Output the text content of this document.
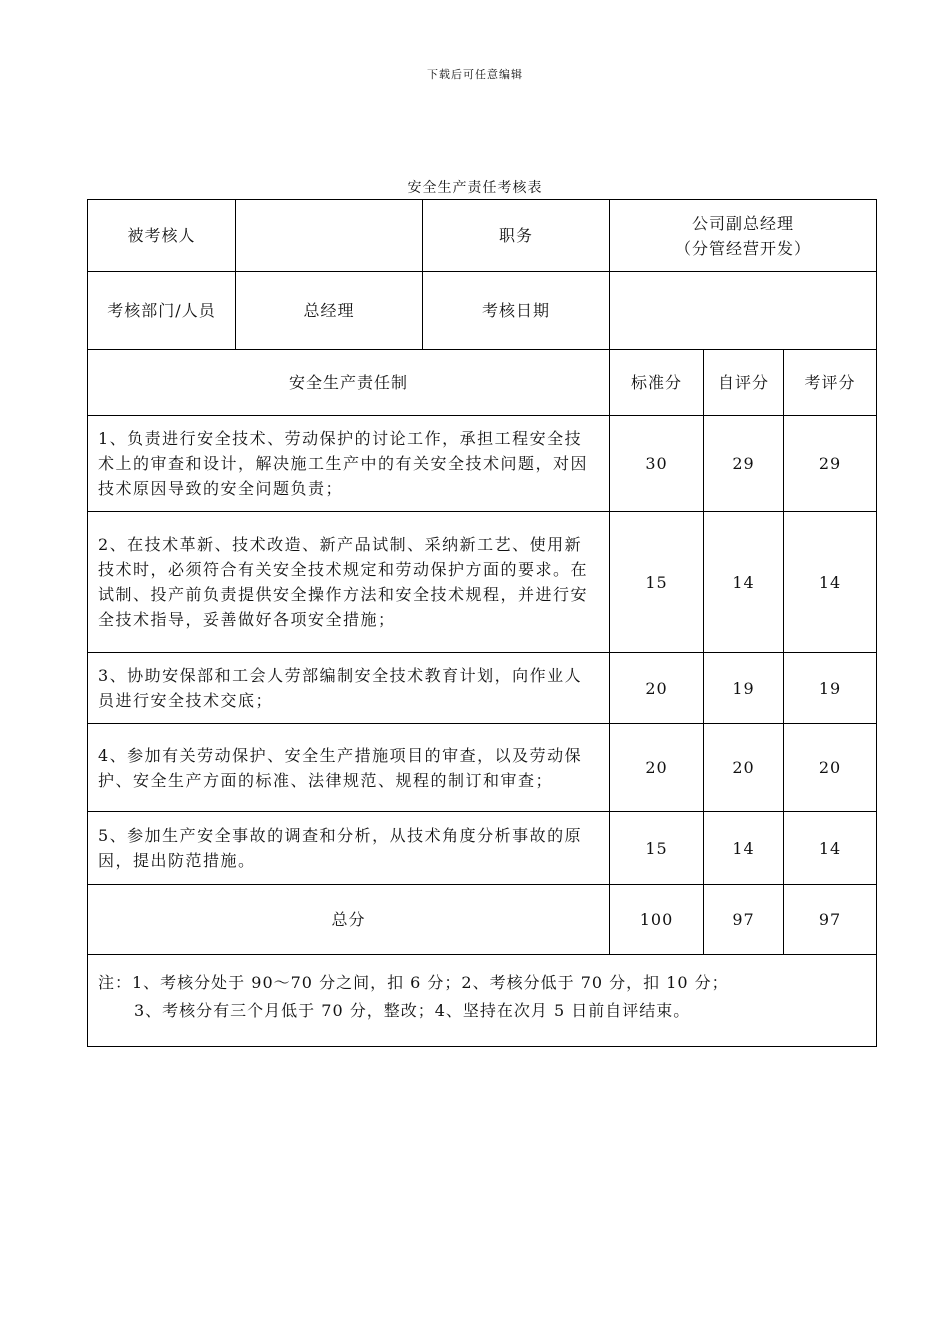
下载后可任意编辑
安全生产责任考核表
被考核人		职务	公司副总经理
（分管经营开发）		

考核部门/人员	总经理	考核日期			
安全生产责任制			标准分	自评分	考评分
1、负责进行安全技术、劳动保护的讨论工作，承担工程安全技术上的审查和设计，解决施工生产中的有关安全技术问题，对因技术原因导致的安全问题负责；			30	29	29
2、在技术革新、技术改造、新产品试制、采纳新工艺、使用新技术时，必须符合有关安全技术规定和劳动保护方面的要求。在试制、投产前负责提供安全操作方法和安全技术规程，并进行安全技术指导，妥善做好各项安全措施；			15	14	14
3、协助安保部和工会人劳部编制安全技术教育计划，向作业人员进行安全技术交底；			20	19	19
4、参加有关劳动保护、安全生产措施项目的审查，以及劳动保护、安全生产方面的标准、法律规范、规程的制订和审查；			20	20	20
5、参加生产安全事故的调查和分析，从技术角度分析事故的原因，提出防范措施。			15	14	14
总分			100	97	97

注：1、考核分处于 90～70 分之间，扣 6 分；2、考核分低于 70 分，扣 10 分；
3、考核分有三个月低于 70 分，整改；4、坚持在次月 5 日前自评结束。					
